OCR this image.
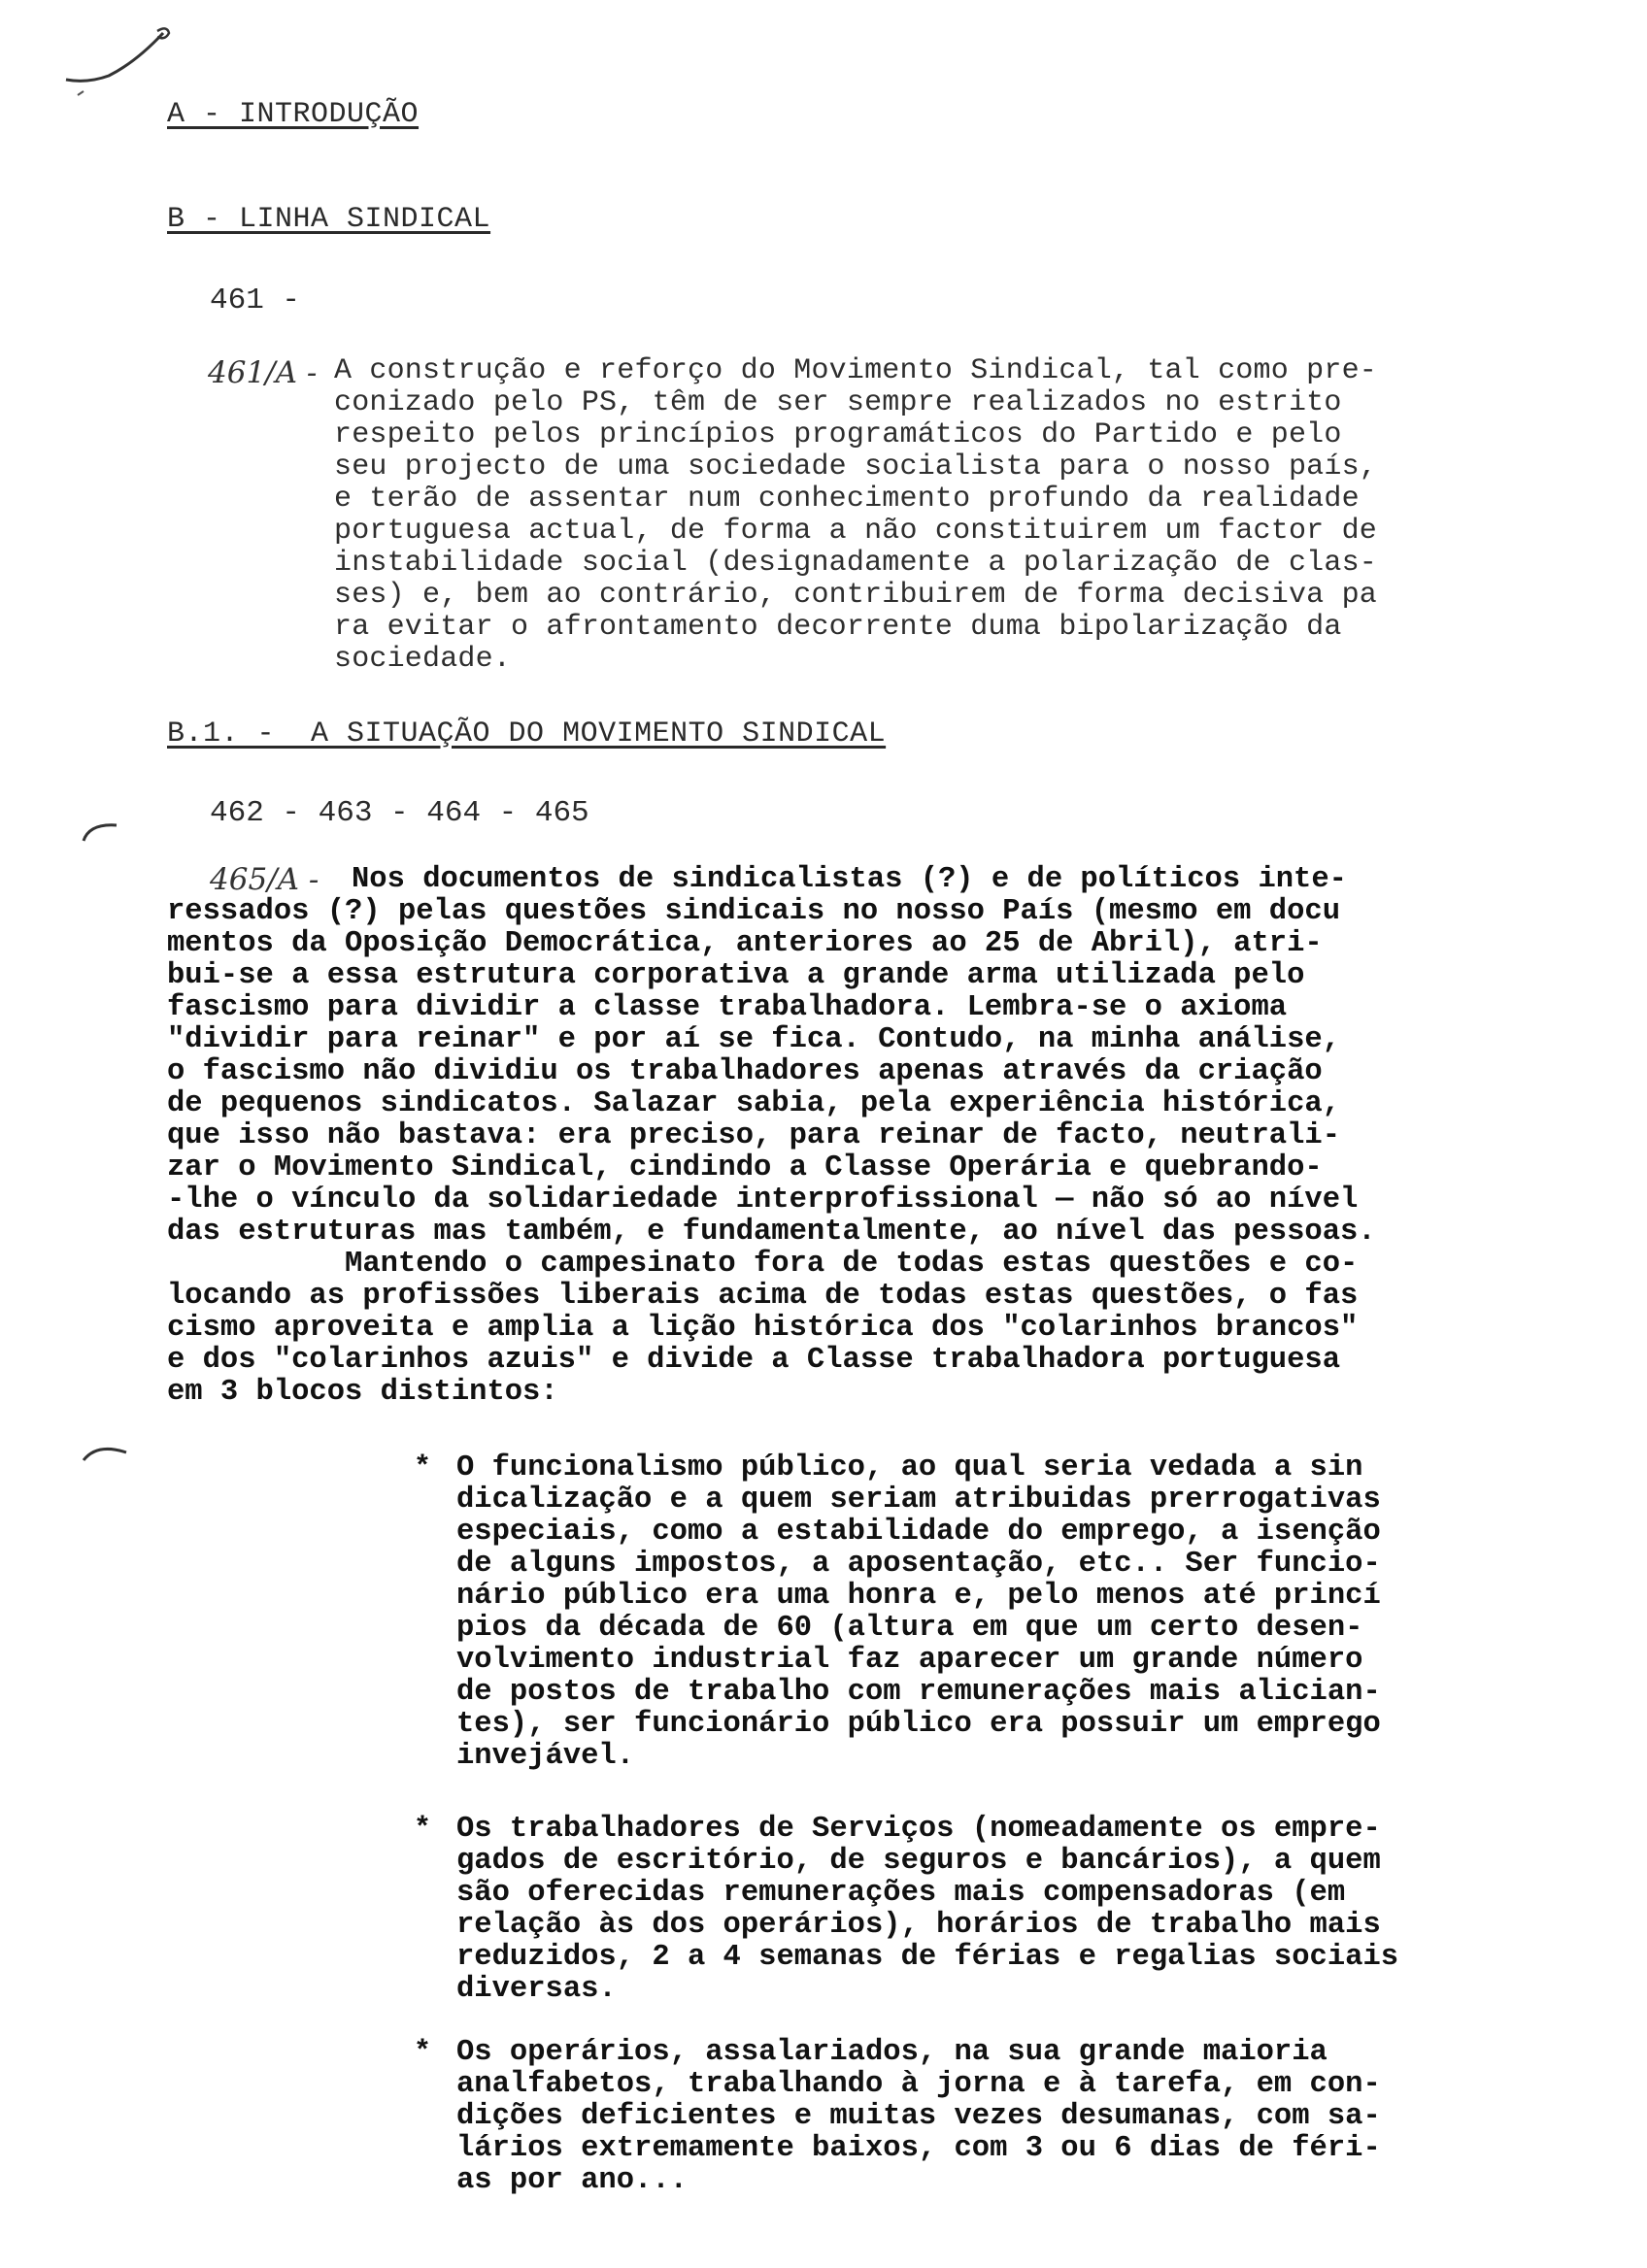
A - INTRODUÇÃO
B - LINHA SINDICAL
461 -
461/A - A construção e reforço do Movimento Sindical, tal como pre-
conizado pelo PS, têm de ser sempre realizados no estrito
respeito pelos princípios programáticos do Partido e pelo
seu projecto de uma sociedade socialista para o nosso país,
e terão de assentar num conhecimento profundo da realidade
portuguesa actual, de forma a não constituirem um factor de
instabilidade social (designadamente a polarização de clas-
ses) e, bem ao contrário, contribuirem de forma decisiva pa
ra evitar o afrontamento decorrente duma bipolarização da
sociedade.
B.1. -  A SITUAÇÃO DO MOVIMENTO SINDICAL
462 - 463 - 464 - 465
465/A - Nos documentos de sindicalistas (?) e de políticos inte-
ressados (?) pelas questões sindicais no nosso País (mesmo em docu
mentos da Oposição Democrática, anteriores ao 25 de Abril), atri-
bui-se a essa estrutura corporativa a grande arma utilizada pelo
fascismo para dividir a classe trabalhadora. Lembra-se o axioma
"dividir para reinar" e por aí se fica. Contudo, na minha análise,
o fascismo não dividiu os trabalhadores apenas através da criação
de pequenos sindicatos. Salazar sabia, pela experiência histórica,
que isso não bastava: era preciso, para reinar de facto, neutrali-
zar o Movimento Sindical, cindindo a Classe Operária e quebrando-
-lhe o vínculo da solidariedade interprofissional — não só ao nível
das estruturas mas também, e fundamentalmente, ao nível das pessoas.
Mantendo o campesinato fora de todas estas questões e co-
locando as profissões liberais acima de todas estas questões, o fas
cismo aproveita e amplia a lição histórica dos "colarinhos brancos"
e dos "colarinhos azuis" e divide a Classe trabalhadora portuguesa
em 3 blocos distintos:
* O funcionalismo público, ao qual seria vedada a sin
dicalização e a quem seriam atribuidas prerrogativas
especiais, como a estabilidade do emprego, a isenção
de alguns impostos, a aposentação, etc.. Ser funcio-
nário público era uma honra e, pelo menos até princí
pios da década de 60 (altura em que um certo desen-
volvimento industrial faz aparecer um grande número
de postos de trabalho com remunerações mais alician-
tes), ser funcionário público era possuir um emprego
invejável.
* Os trabalhadores de Serviços (nomeadamente os empre-
gados de escritório, de seguros e bancários), a quem
são oferecidas remunerações mais compensadoras (em
relação às dos operários), horários de trabalho mais
reduzidos, 2 a 4 semanas de férias e regalias sociais
diversas.
* Os operários, assalariados, na sua grande maioria
analfabetos, trabalhando à jorna e à tarefa, em con-
dições deficientes e muitas vezes desumanas, com sa-
lários extremamente baixos, com 3 ou 6 dias de féri-
as por ano...
